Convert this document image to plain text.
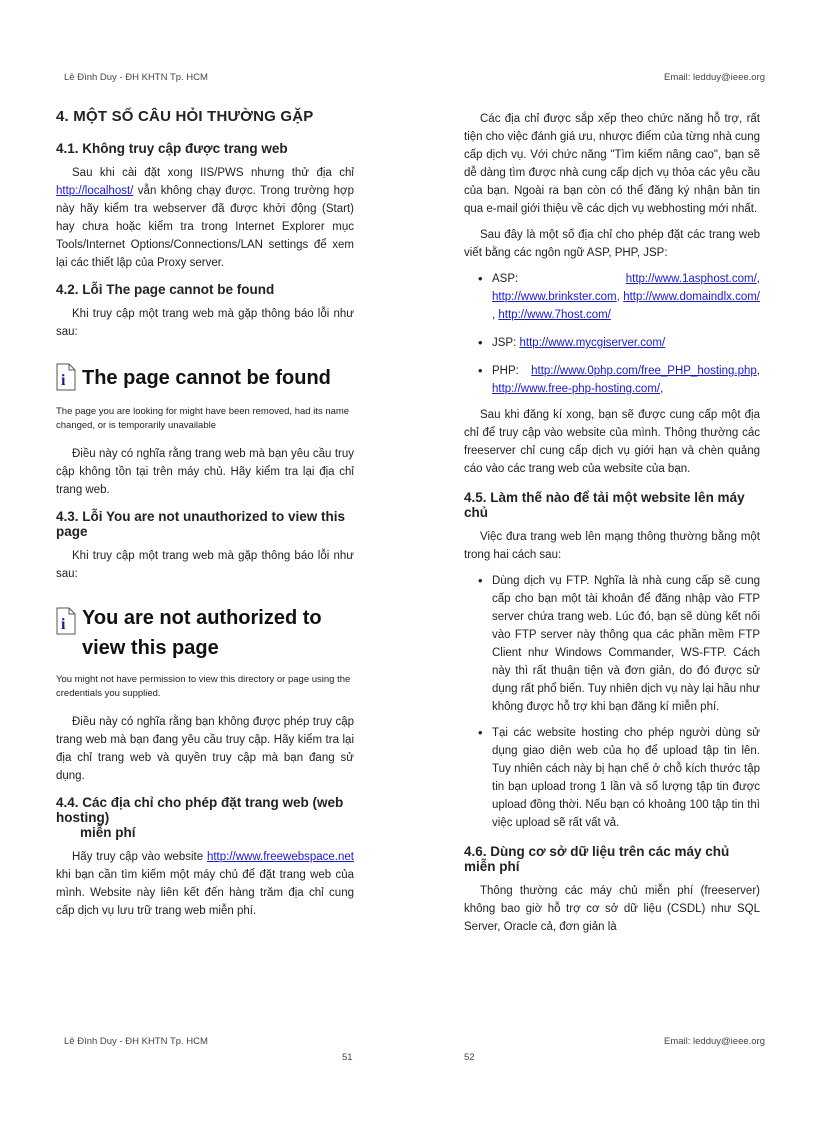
Lê Đình Duy - ĐH KHTN Tp. HCM	Email: ledduy@ieee.org
4. MỘT SỐ CÂU HỎI THƯỜNG GẶP
4.1. Không truy cập được trang web

Sau khi cài đặt xong IIS/PWS nhưng thử địa chỉ http://localhost/ vẫn không chạy được. Trong trường hợp này hãy kiểm tra webserver đã được khởi động (Start) hay chưa hoặc kiểm tra trong Internet Explorer mục Tools/Internet Options/Connections/LAN settings để xem lại các thiết lập của Proxy server.

4.2. Lỗi The page cannot be found

Khi truy cập một trang web mà gặp thông báo lỗi như sau:

i The page cannot be found
The page you are looking for might have been removed, had its name changed, or is temporarily unavailable

Điều này có nghĩa rằng trang web mà bạn yêu cầu truy cập không tồn tại trên máy chủ. Hãy kiểm tra lại địa chỉ trang web.

4.3. Lỗi You are not unauthorized to view this page

Khi truy cập một trang web mà gặp thông báo lỗi như sau:

i You are not authorized to view this page
You might not have permission to view this directory or page using the credentials you supplied.

Điều này có nghĩa rằng bạn không được phép truy cập trang web mà bạn đang yêu cầu truy cập. Hãy kiểm tra lại địa chỉ trang web và quyền truy cập mà bạn đang sử dụng.

4.4. Các địa chỉ cho phép đặt trang web (web hosting)
miễn phí

Hãy truy cập vào website http://www.freewebspace.net khi bạn cần tìm kiếm một máy chủ để đặt trang web của mình. Website này liên kết đến hàng trăm địa chỉ cung cấp dịch vụ lưu trữ trang web miễn phí.

Các địa chỉ được sắp xếp theo chức năng hỗ trợ, rất tiện cho việc đánh giá ưu, nhược điểm của từng nhà cung cấp dịch vụ. Với chức năng "Tìm kiếm nâng cao", bạn sẽ dễ dàng tìm được nhà cung cấp dịch vụ thỏa các yêu cầu của bạn. Ngoài ra bạn còn có thể đăng ký nhận bản tin qua e-mail giới thiệu về các dịch vụ webhosting mới nhất.

Sau đây là một số địa chỉ cho phép đặt các trang web viết bằng các ngôn ngữ ASP, PHP, JSP:

• ASP: http://www.1asphost.com/, http://www.brinkster.com, http://www.domaindlx.com/ , http://www.7host.com/
• JSP: http://www.mycgiserver.com/
• PHP: http://www.0php.com/free_PHP_hosting.php, http://www.free-php-hosting.com/,

Sau khi đăng kí xong, bạn sẽ được cung cấp một địa chỉ để truy cập vào website của mình. Thông thường các freeserver chỉ cung cấp dịch vụ giới hạn và chèn quảng cáo vào các trang web của website của bạn.

4.5. Làm thế nào để tải một website lên máy chủ

Việc đưa trang web lên mạng thông thường bằng một trong hai cách sau:

• Dùng dịch vụ FTP. Nghĩa là nhà cung cấp sẽ cung cấp cho bạn một tài khoản để đăng nhập vào FTP server chứa trang web. Lúc đó, bạn sẽ dùng kết nối vào FTP server này thông qua các phần mềm FTP Client như Windows Commander, WS-FTP. Cách này thì rất thuận tiện và đơn giản, do đó được sử dụng rất phổ biến. Tuy nhiên dịch vụ này lại hầu như không được hỗ trợ khi bạn đăng kí miễn phí.
• Tại các website hosting cho phép người dùng sử dụng giao diện web của họ để upload tập tin lên. Tuy nhiên cách này bị hạn chế ở chỗ kích thước tập tin bạn upload trong 1 lần và số lượng tập tin được upload đồng thời. Nếu bạn có khoảng 100 tập tin thì việc upload sẽ rất vất vả.
4.6. Dùng cơ sở dữ liệu trên các máy chủ miễn phí

Thông thường các máy chủ miễn phí (freeserver) không bao giờ hỗ trợ cơ sở dữ liệu (CSDL) như SQL Server, Oracle cả, đơn giản là

Lê Đình Duy - ĐH KHTN Tp. HCM
51	52
Email: ledduy@ieee.org
